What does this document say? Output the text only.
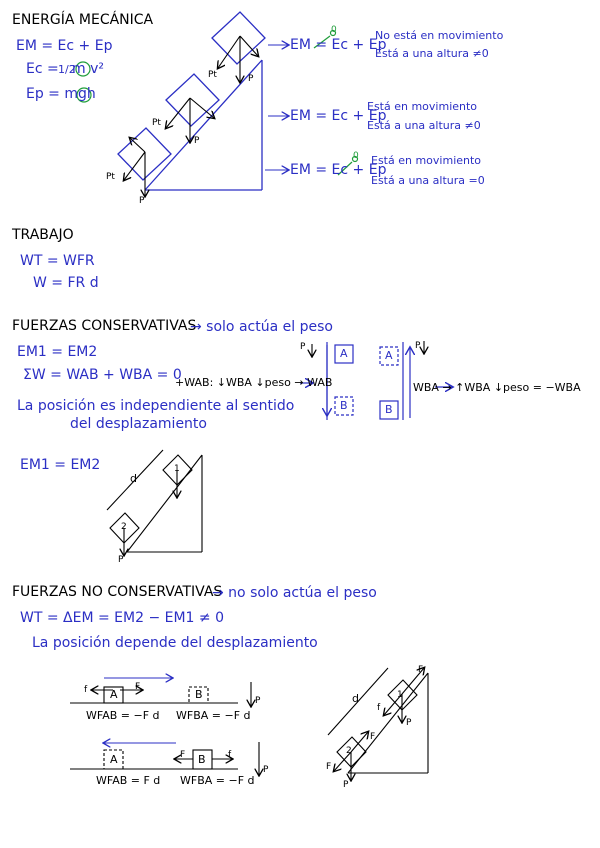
ENERGÍA MECÁNICA
EM = Ec + Ep
Ec = 1/2
m v²
Ep = mgh
EM = Ec + Ep
No está en movimiento
Está a una altura ≠0
EM = Ec + Ep
Está en movimiento
Está a una altura ≠0
EM = Ec + Ep
Está en movimiento
Está a una altura =0
Pt	P
Pt
P
Pt
P
0
0
TRABAJO
WT = WFR
W = FR d
FUERZAS CONSERVATIVAS
→ solo actúa el peso
EM1 = EM2
ΣW = WAB + WBA = 0
La posición es independiente al sentido
del desplazamiento
+WAB: ↓WBA ↓peso → WAB	WBA → ↑WBA ↓peso = −WBA
A
B
A
B
P	P
EM1 = EM2
d
1
2
P
FUERZAS NO CONSERVATIVAS
→ no solo actúa el peso
WT = ΔEM = EM2 − EM1 ≠ 0
La posición depende del desplazamiento
A	B
f	F
P
WFAB = −F d WFBA = −F d
A	B
F	f
P
WFAB = F d WFBA = −F d
d
F
f
1
2
F
F
P
P
